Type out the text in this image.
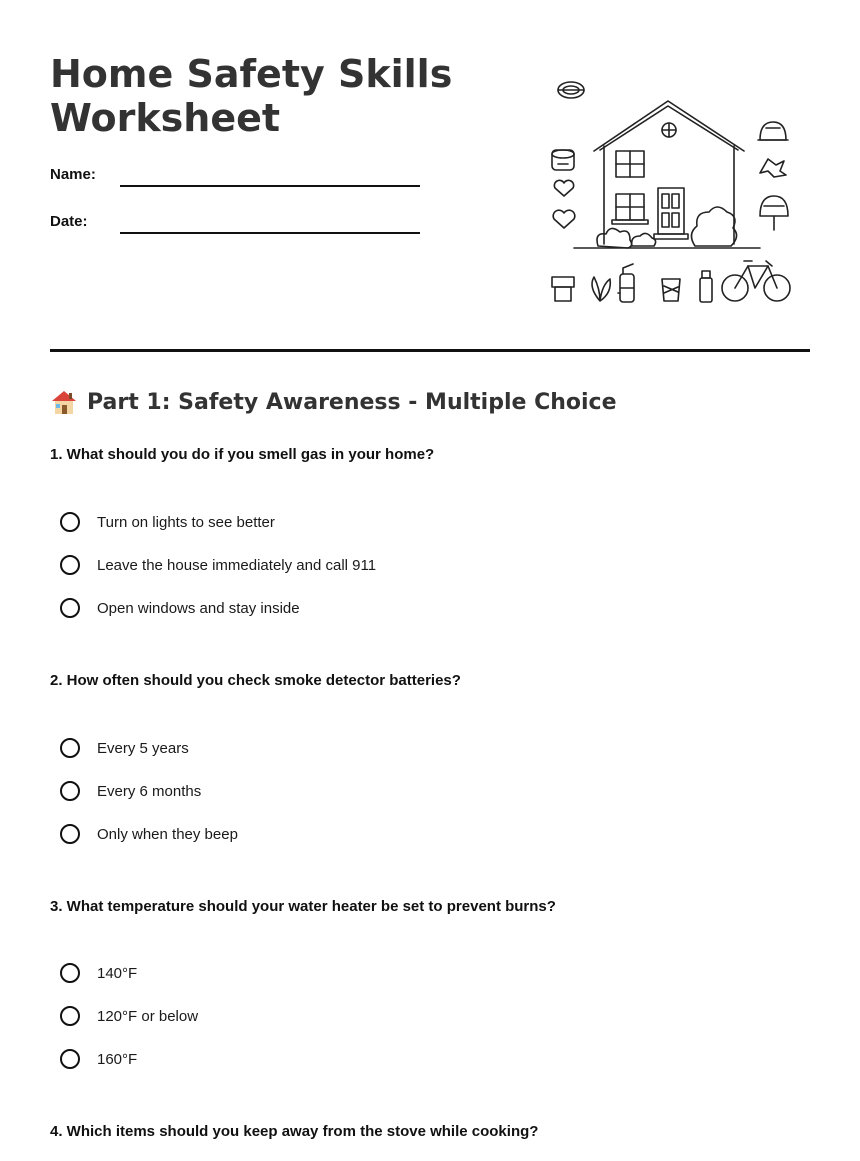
Home Safety Skills Worksheet
Name:
Date:
Part 1: Safety Awareness - Multiple Choice

1. What should you do if you smell gas in your home?

Turn on lights to see better
Leave the house immediately and call 911
Open windows and stay inside

2. How often should you check smoke detector batteries?

Every 5 years
Every 6 months
Only when they beep

3. What temperature should your water heater be set to prevent burns?

140°F
120°F or below
160°F

4. Which items should you keep away from the stove while cooking?
